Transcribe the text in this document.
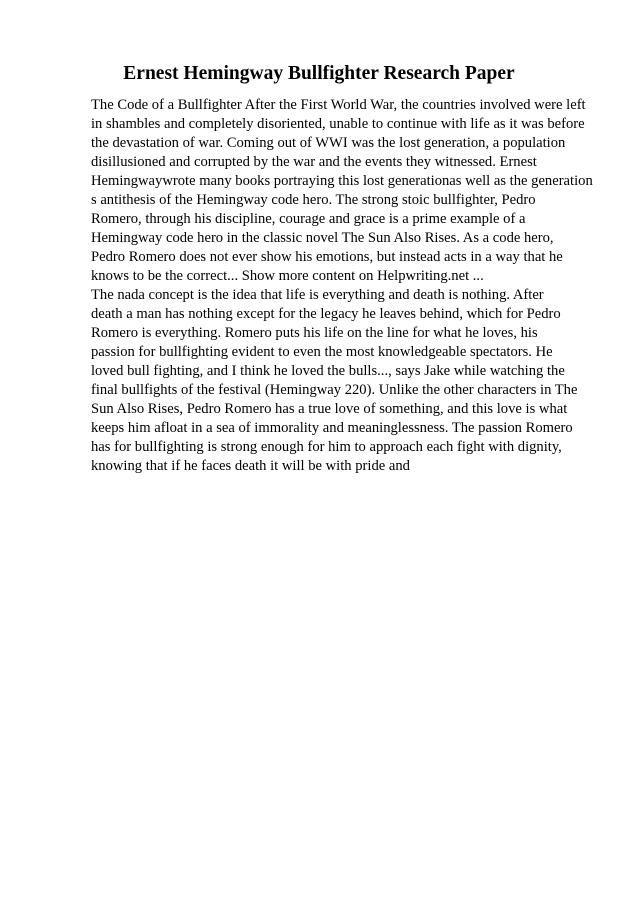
Ernest Hemingway Bullfighter Research Paper
The Code of a Bullfighter After the First World War, the countries involved were left
in shambles and completely disoriented, unable to continue with life as it was before
the devastation of war. Coming out of WWI was the lost generation, a population
disillusioned and corrupted by the war and the events they witnessed. Ernest
Hemingwaywrote many books portraying this lost generationas well as the generation
s antithesis of the Hemingway code hero. The strong stoic bullfighter, Pedro
Romero, through his discipline, courage and grace is a prime example of a
Hemingway code hero in the classic novel The Sun Also Rises. As a code hero,
Pedro Romero does not ever show his emotions, but instead acts in a way that he
knows to be the correct... Show more content on Helpwriting.net ...
The nada concept is the idea that life is everything and death is nothing. After
death a man has nothing except for the legacy he leaves behind, which for Pedro
Romero is everything. Romero puts his life on the line for what he loves, his
passion for bullfighting evident to even the most knowledgeable spectators. He
loved bull fighting, and I think he loved the bulls..., says Jake while watching the
final bullfights of the festival (Hemingway 220). Unlike the other characters in The
Sun Also Rises, Pedro Romero has a true love of something, and this love is what
keeps him afloat in a sea of immorality and meaninglessness. The passion Romero
has for bullfighting is strong enough for him to approach each fight with dignity,
knowing that if he faces death it will be with pride and
